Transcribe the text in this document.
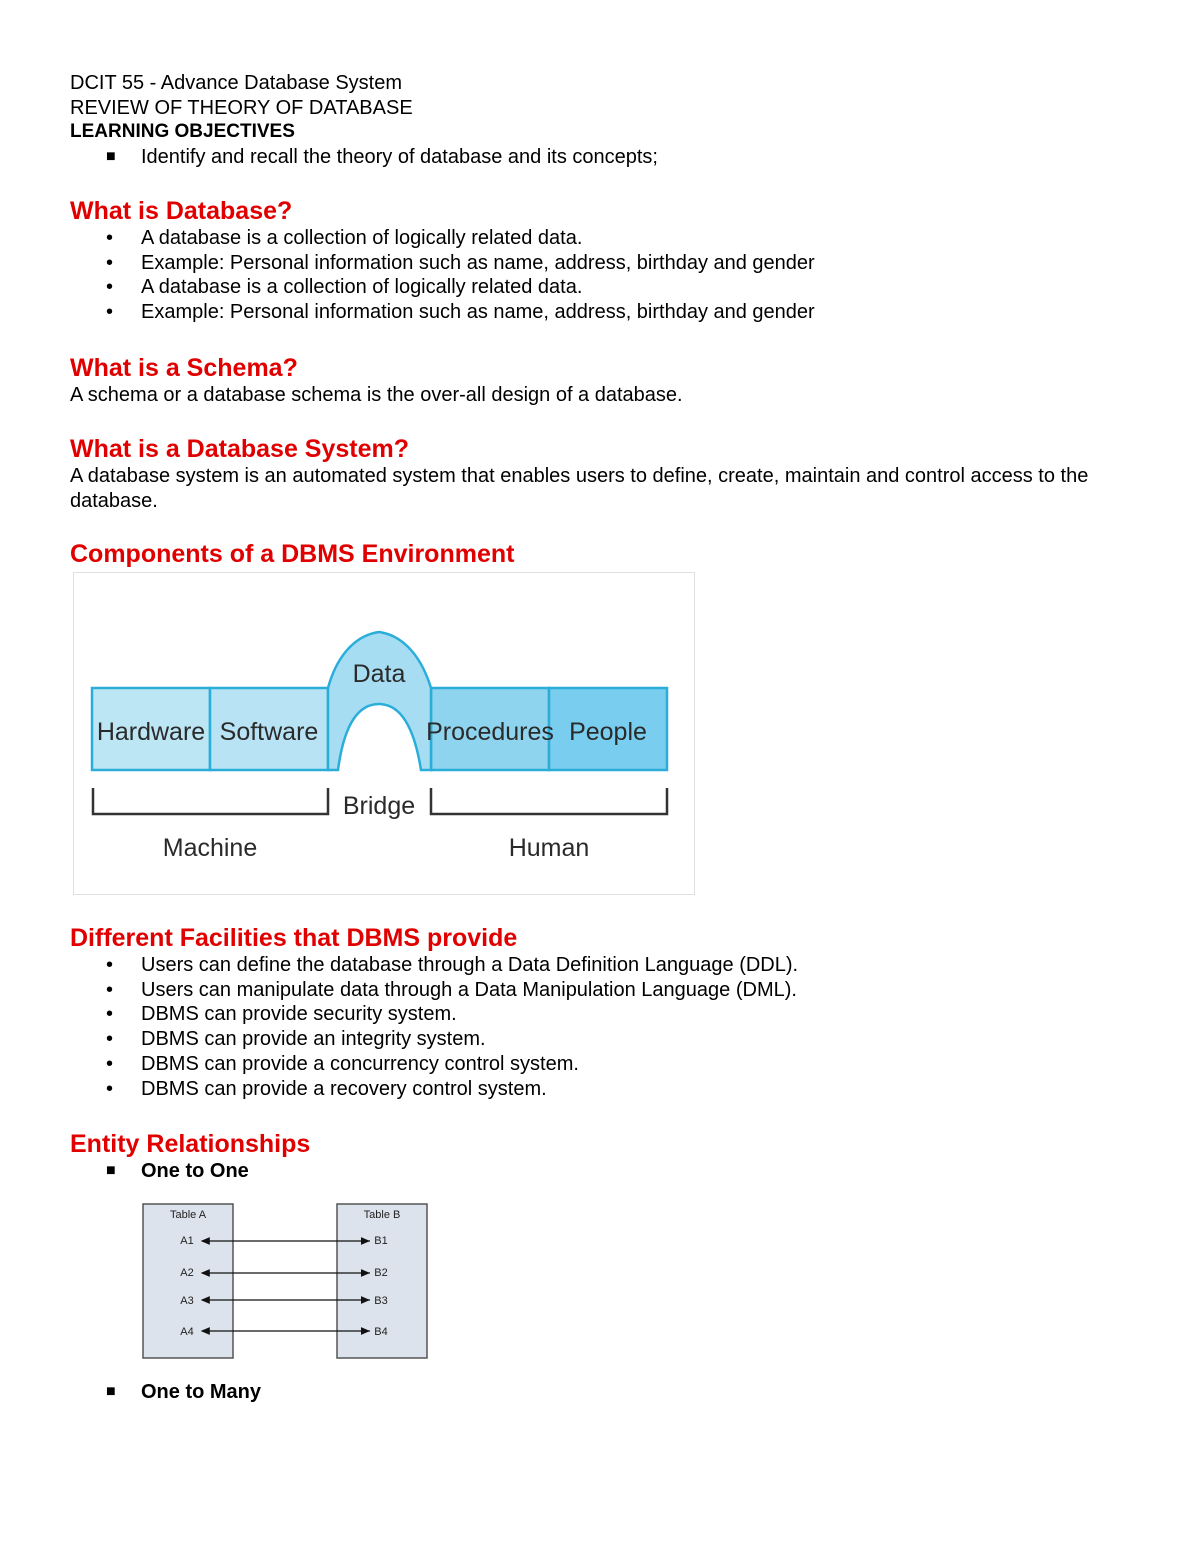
DCIT 55 - Advance Database System
REVIEW OF THEORY OF DATABASE
LEARNING OBJECTIVES
■ Identify and recall the theory of database and its concepts;
What is Database?
• A database is a collection of logically related data.
• Example: Personal information such as name, address, birthday and gender
• A database is a collection of logically related data.
• Example: Personal information such as name, address, birthday and gender
What is a Schema?
A schema or a database schema is the over-all design of a database.
What is a Database System?
A database system is an automated system that enables users to define, create, maintain and control access to the database.
Components of a DBMS Environment
Hardware Software
Data
Procedures People
Bridge
Machine	Human
Different Facilities that DBMS provide
• Users can define the database through a Data Definition Language (DDL).
• Users can manipulate data through a Data Manipulation Language (DML).
• DBMS can provide security system.
• DBMS can provide an integrity system.
• DBMS can provide a concurrency control system.
• DBMS can provide a recovery control system.
Entity Relationships
■ One to One
Table A	Table B
A1
A2
A3
A4
B1
B2
B3
B4
■ One to Many
